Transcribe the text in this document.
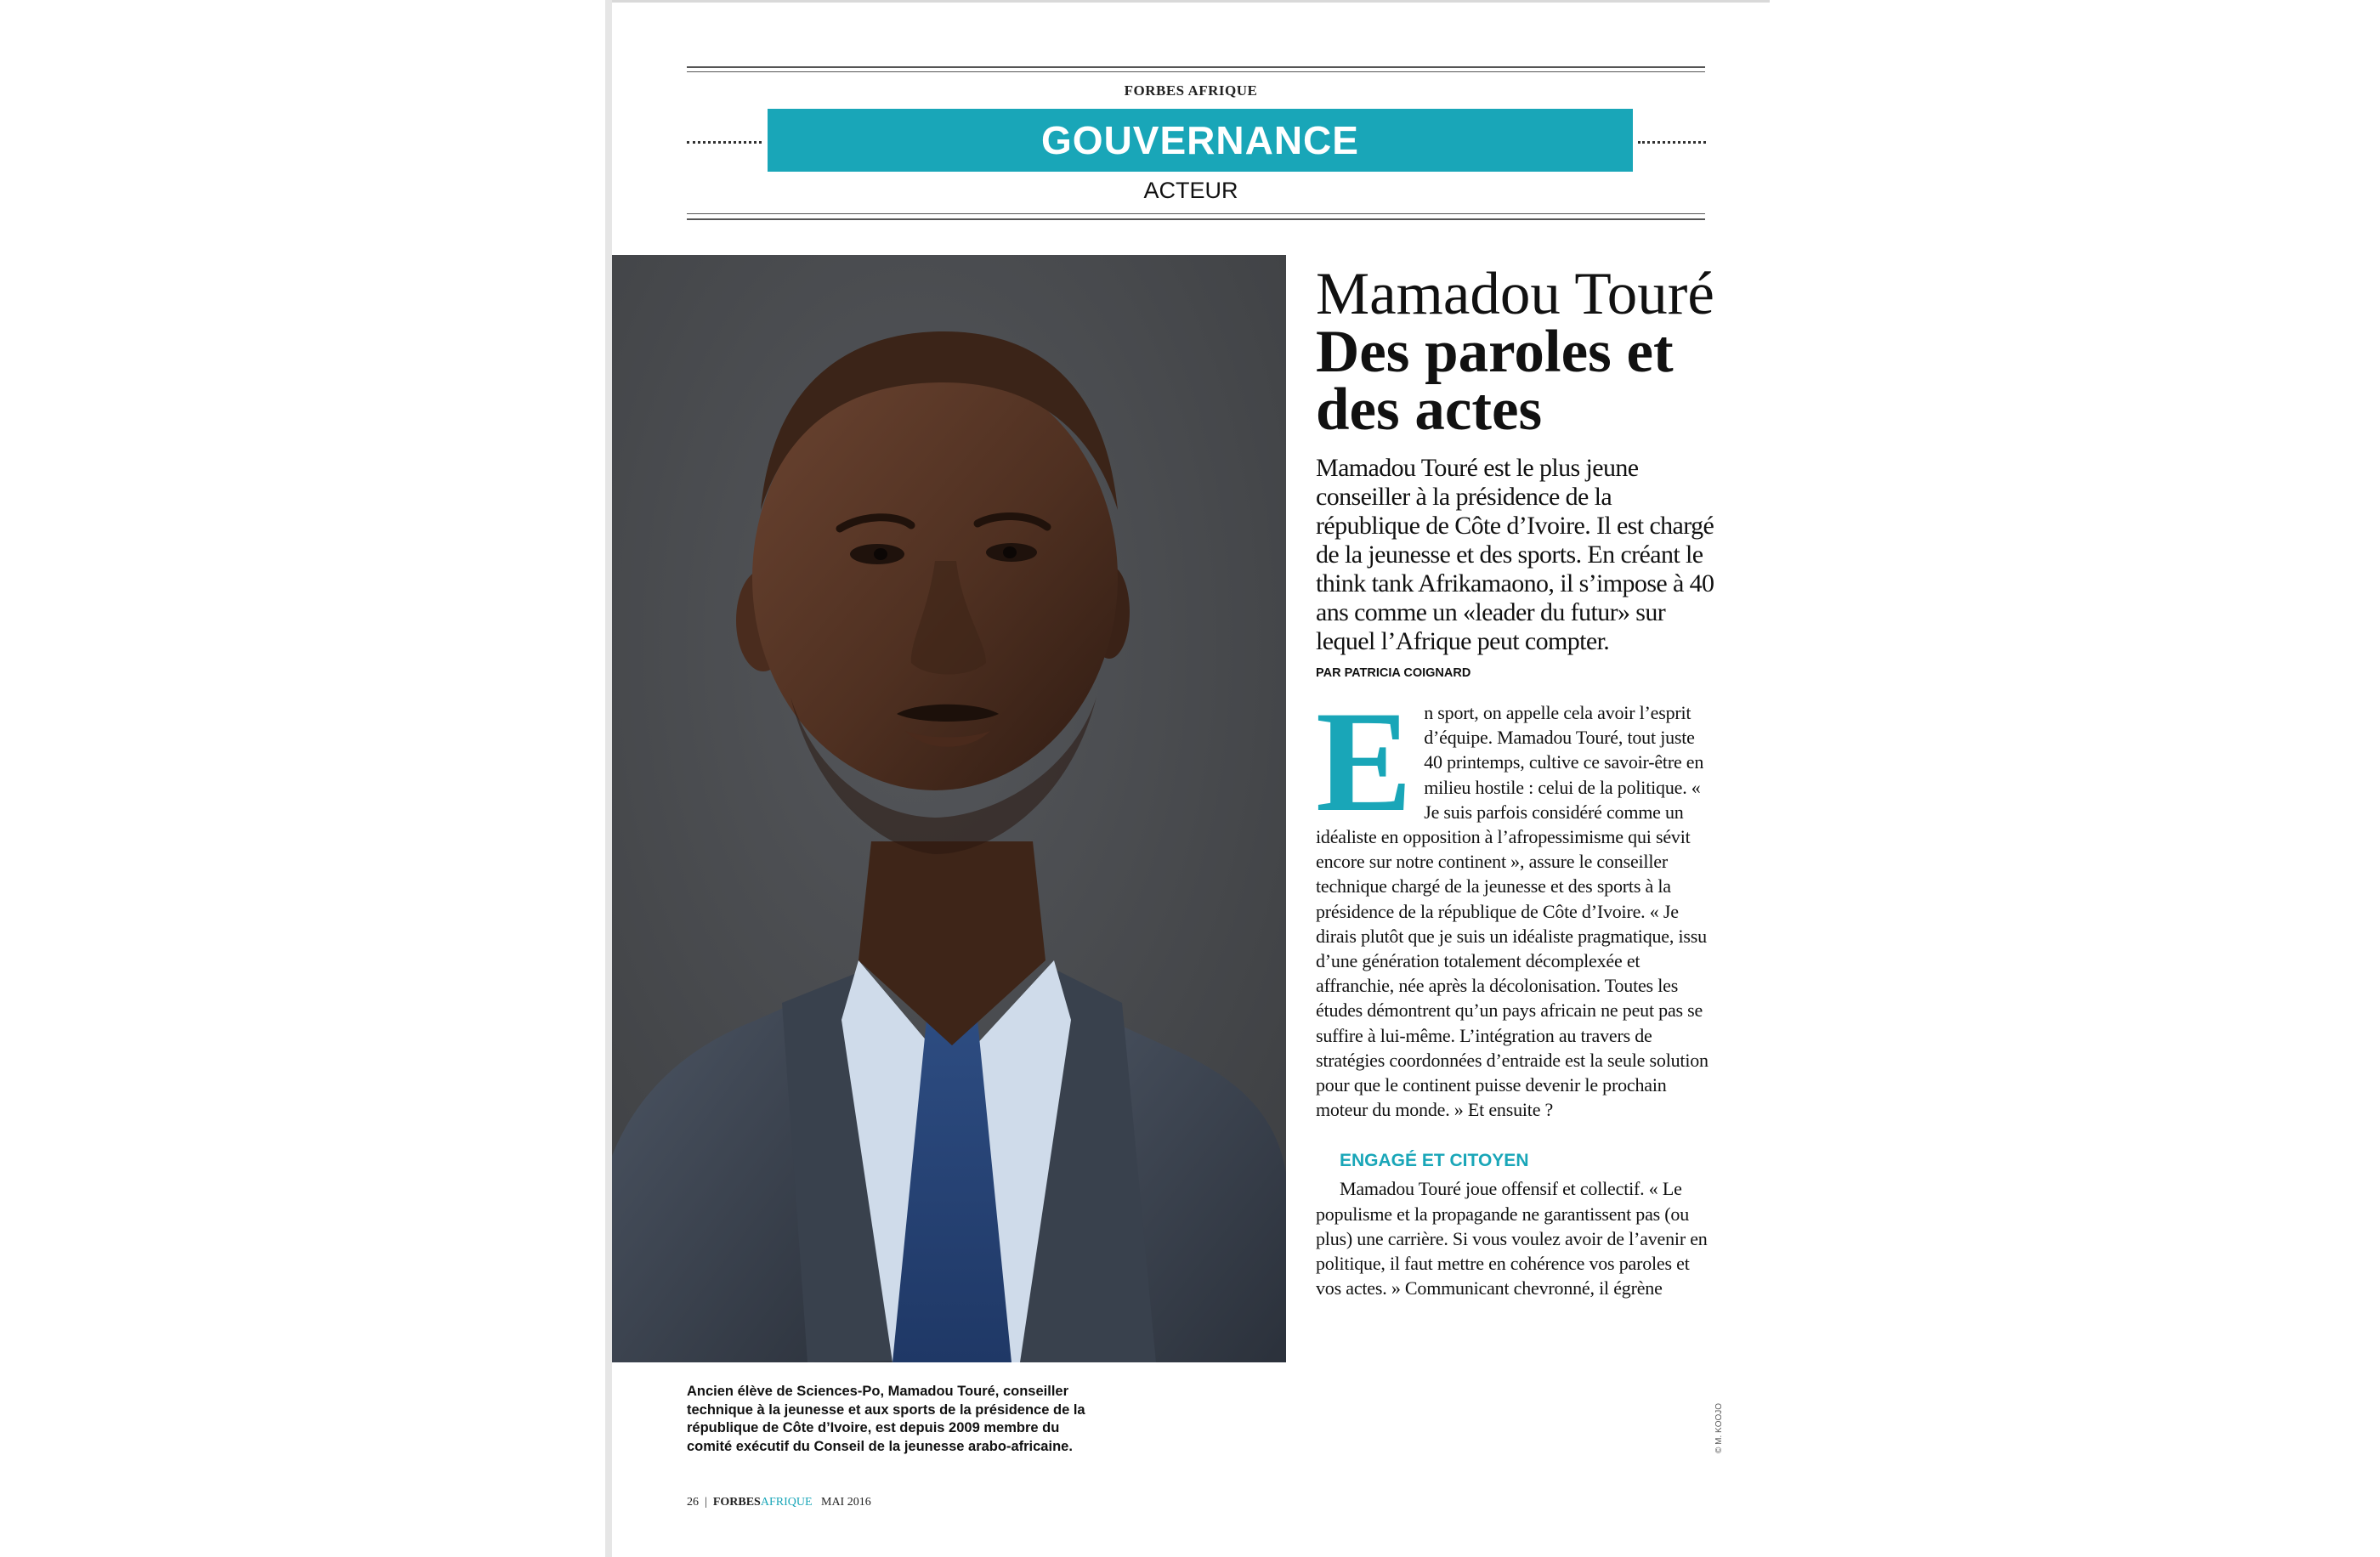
FORBES AFRIQUE
GOUVERNANCE
ACTEUR
Ancien élève de Sciences-Po, Mamadou Touré, conseiller technique à la jeunesse et aux sports de la présidence de la république de Côte d’Ivoire, est depuis 2009 membre du comité exécutif du Conseil de la jeunesse arabo-africaine.	© M. KOOJO
Mamadou Touré
Des paroles et des actes
Mamadou Touré est le plus jeune conseiller à la présidence de la république de Côte d’Ivoire. Il est chargé de la jeunesse et des sports. En créant le think tank Afrikamaono, il s’impose à 40 ans comme un «leader du futur» sur lequel l’Afrique peut compter.
PAR PATRICIA COIGNARD
En sport, on appelle cela avoir l’esprit d’équipe. Mamadou Touré, tout juste 40 printemps, cultive ce savoir-être en milieu hostile : celui de la politique. « Je suis parfois considéré comme un idéaliste en opposition à l’afropessimisme qui sévit encore sur notre continent », assure le conseiller technique chargé de la jeunesse et des sports à la présidence de la république de Côte d’Ivoire. « Je dirais plutôt que je suis un idéaliste pragmatique, issu d’une génération totalement décomplexée et affranchie, née après la décolonisation. Toutes les études démontrent qu’un pays africain ne peut pas se suffire à lui-même. L’intégration au travers de stratégies coordonnées d’entraide est la seule solution pour que le continent puisse devenir le prochain moteur du monde. » Et ensuite ?
ENGAGÉ ET CITOYEN
Mamadou Touré joue offensif et collectif. « Le populisme et la propagande ne garantissent pas (ou plus) une carrière. Si vous voulez avoir de l’avenir en politique, il faut mettre en cohérence vos paroles et vos actes. » Communicant chevronné, il égrène
26 | FORBESAFRIQUE MAI 2016
